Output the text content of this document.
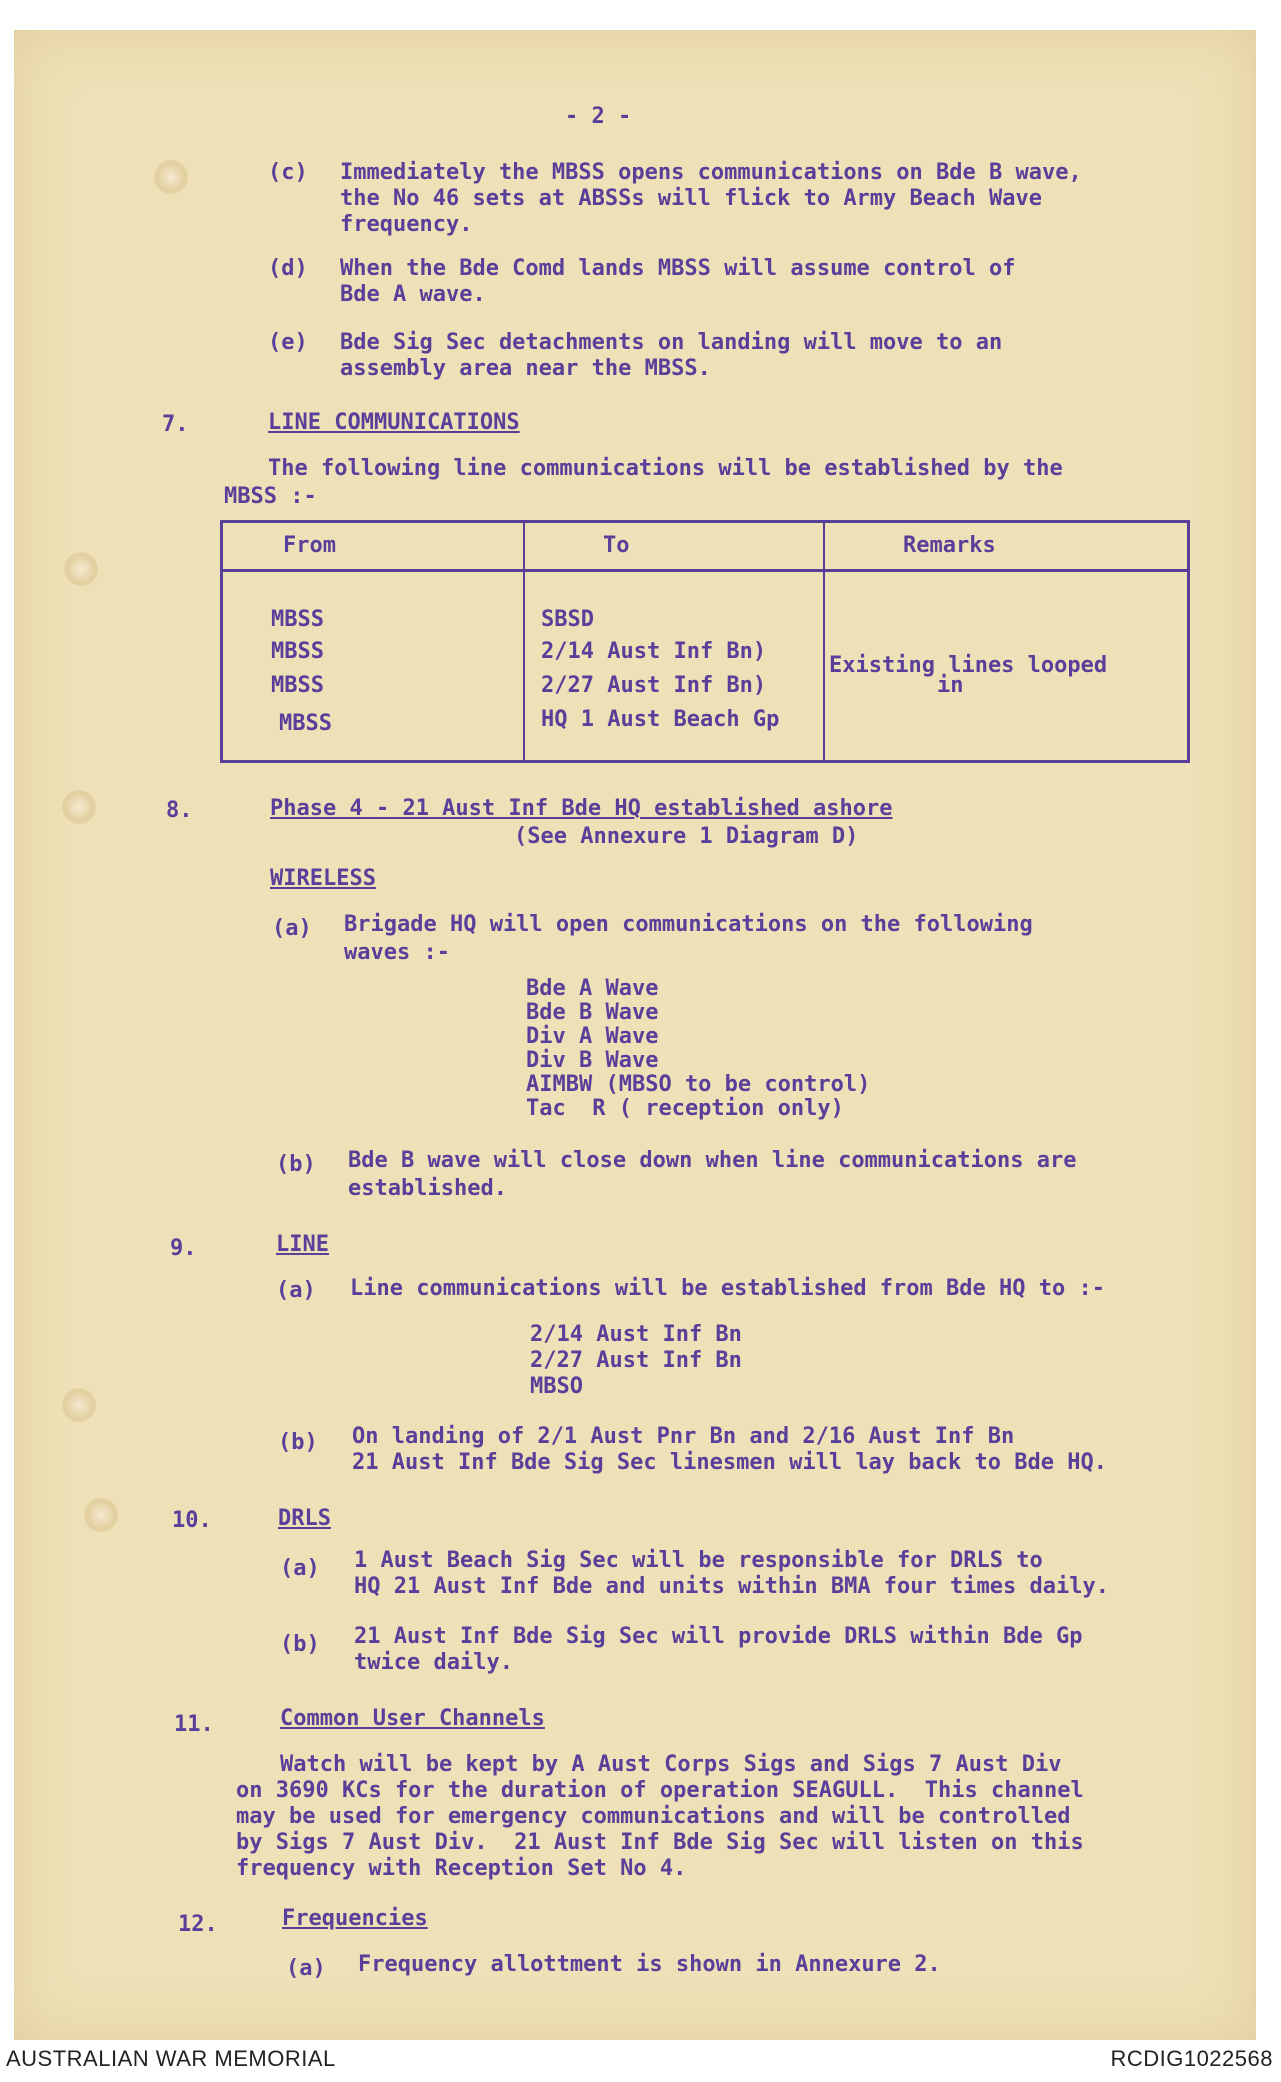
- 2 -
(c) Immediately the MBSS opens communications on Bde B wave,
the No 46 sets at ABSSs will flick to Army Beach Wave
frequency.
(d) When the Bde Comd lands MBSS will assume control of
Bde A wave.
(e) Bde Sig Sec detachments on landing will move to an
assembly area near the MBSS.
7.	LINE COMMUNICATIONS
The following line communications will be established by the
MBSS :-
From	To	Remarks
MBSS	SBSD
MBSS	2/14 Aust Inf Bn)
MBSS	2/27 Aust Inf Bn)
MBSS	HQ 1 Aust Beach Gp
Existing lines looped
in
8.	Phase 4 - 21 Aust Inf Bde HQ established ashore
(See Annexure 1 Diagram D)
WIRELESS
(a) Brigade HQ will open communications on the following
waves :-
Bde A Wave
Bde B Wave
Div A Wave
Div B Wave
AIMBW (MBSO to be control)
Tac  R ( reception only)
(b) Bde B wave will close down when line communications are
established.
9.	LINE
(a) Line communications will be established from Bde HQ to :-
2/14 Aust Inf Bn
2/27 Aust Inf Bn
MBSO
(b) On landing of 2/1 Aust Pnr Bn and 2/16 Aust Inf Bn
21 Aust Inf Bde Sig Sec linesmen will lay back to Bde HQ.
10.	DRLS
(a) 1 Aust Beach Sig Sec will be responsible for DRLS to
HQ 21 Aust Inf Bde and units within BMA four times daily.
(b) 21 Aust Inf Bde Sig Sec will provide DRLS within Bde Gp
twice daily.
11.	Common User Channels
Watch will be kept by A Aust Corps Sigs and Sigs 7 Aust Div
on 3690 KCs for the duration of operation SEAGULL.  This channel
may be used for emergency communications and will be controlled
by Sigs 7 Aust Div.  21 Aust Inf Bde Sig Sec will listen on this
frequency with Reception Set No 4.
12.	Frequencies
(a) Frequency allottment is shown in Annexure 2.
AUSTRALIAN WAR MEMORIAL	RCDIG1022568
